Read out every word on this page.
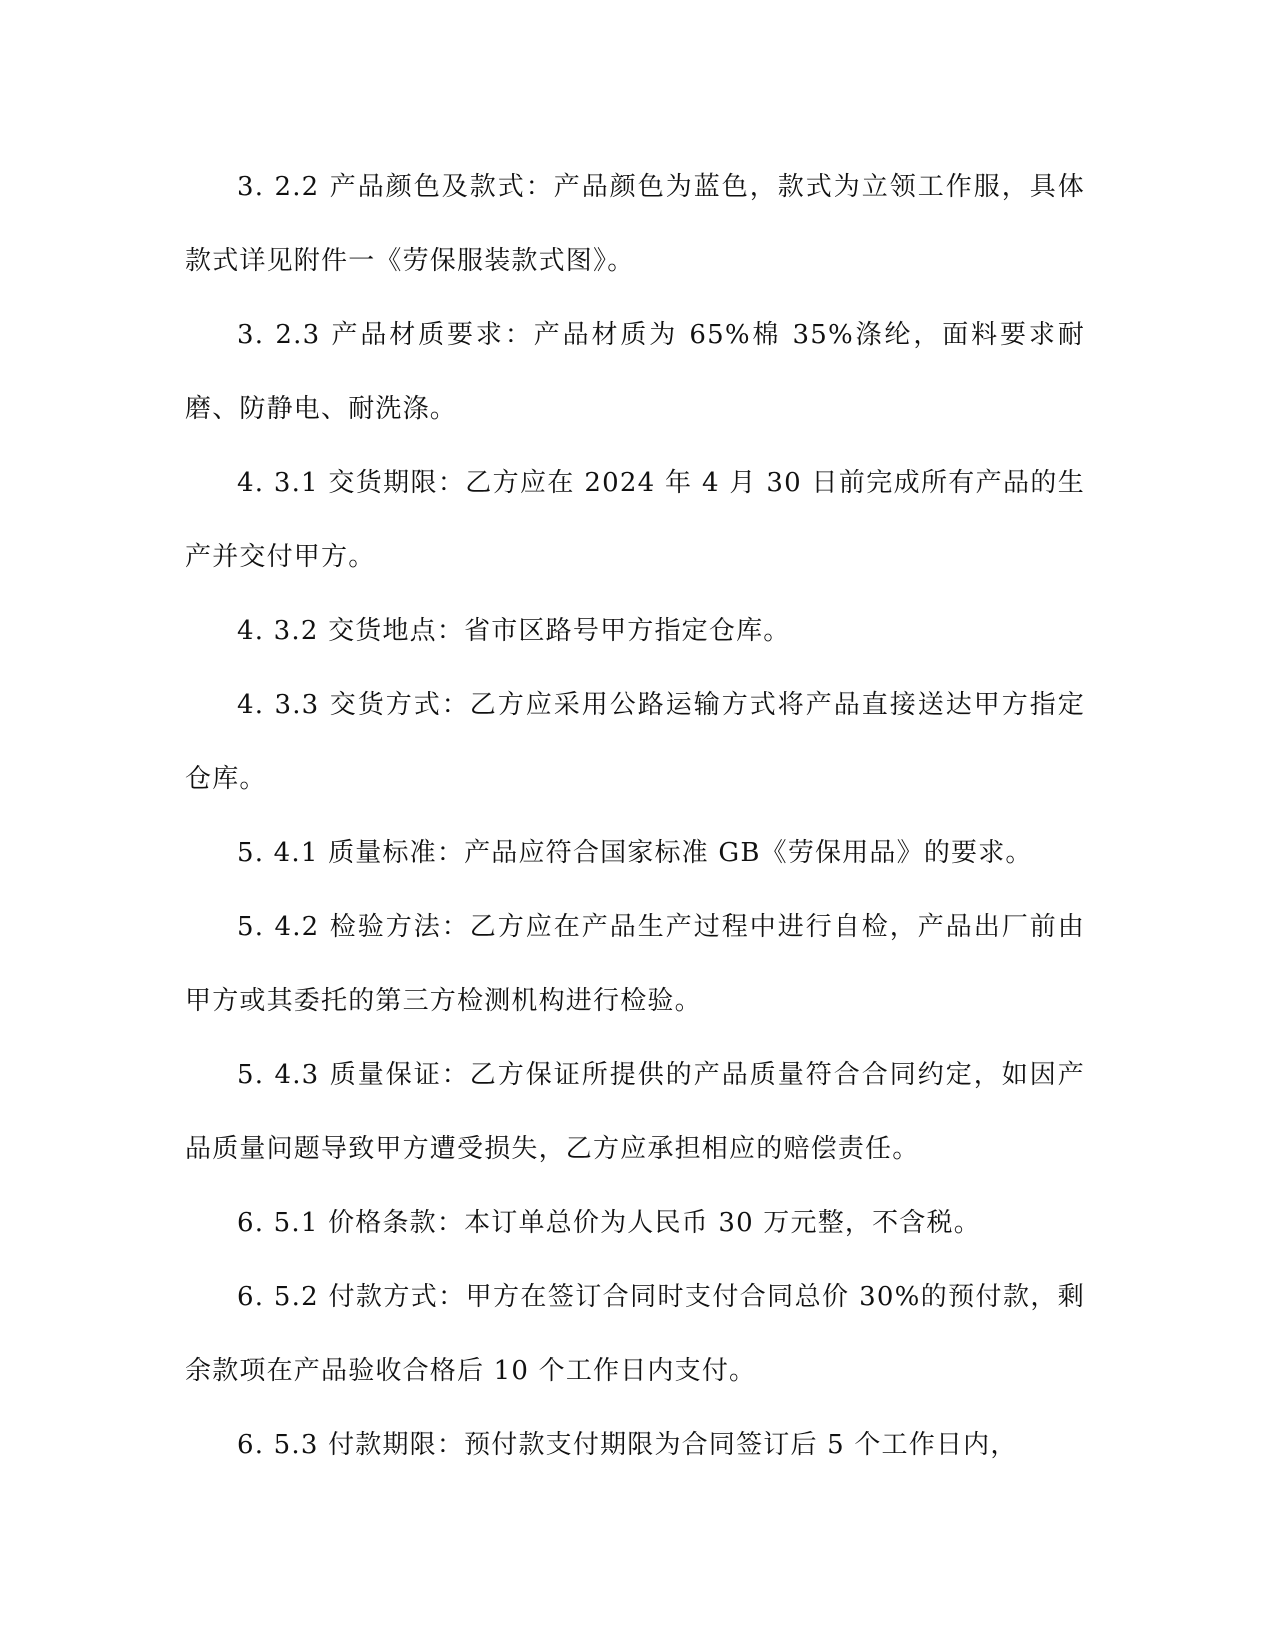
3. 2.2 产品颜色及款式：产品颜色为蓝色，款式为立领工作服，具体款式详见附件一《劳保服装款式图》。

3. 2.3 产品材质要求：产品材质为 65%棉 35%涤纶，面料要求耐磨、防静电、耐洗涤。

4. 3.1 交货期限：乙方应在 2024 年 4 月 30 日前完成所有产品的生产并交付甲方。

4. 3.2 交货地点：省市区路号甲方指定仓库。

4. 3.3 交货方式：乙方应采用公路运输方式将产品直接送达甲方指定仓库。

5. 4.1 质量标准：产品应符合国家标准 GB《劳保用品》的要求。

5. 4.2 检验方法：乙方应在产品生产过程中进行自检，产品出厂前由甲方或其委托的第三方检测机构进行检验。

5. 4.3 质量保证：乙方保证所提供的产品质量符合合同约定，如因产品质量问题导致甲方遭受损失，乙方应承担相应的赔偿责任。

6. 5.1 价格条款：本订单总价为人民币 30 万元整，不含税。

6. 5.2 付款方式：甲方在签订合同时支付合同总价 30%的预付款，剩余款项在产品验收合格后 10 个工作日内支付。

6. 5.3 付款期限：预付款支付期限为合同签订后 5 个工作日内，
